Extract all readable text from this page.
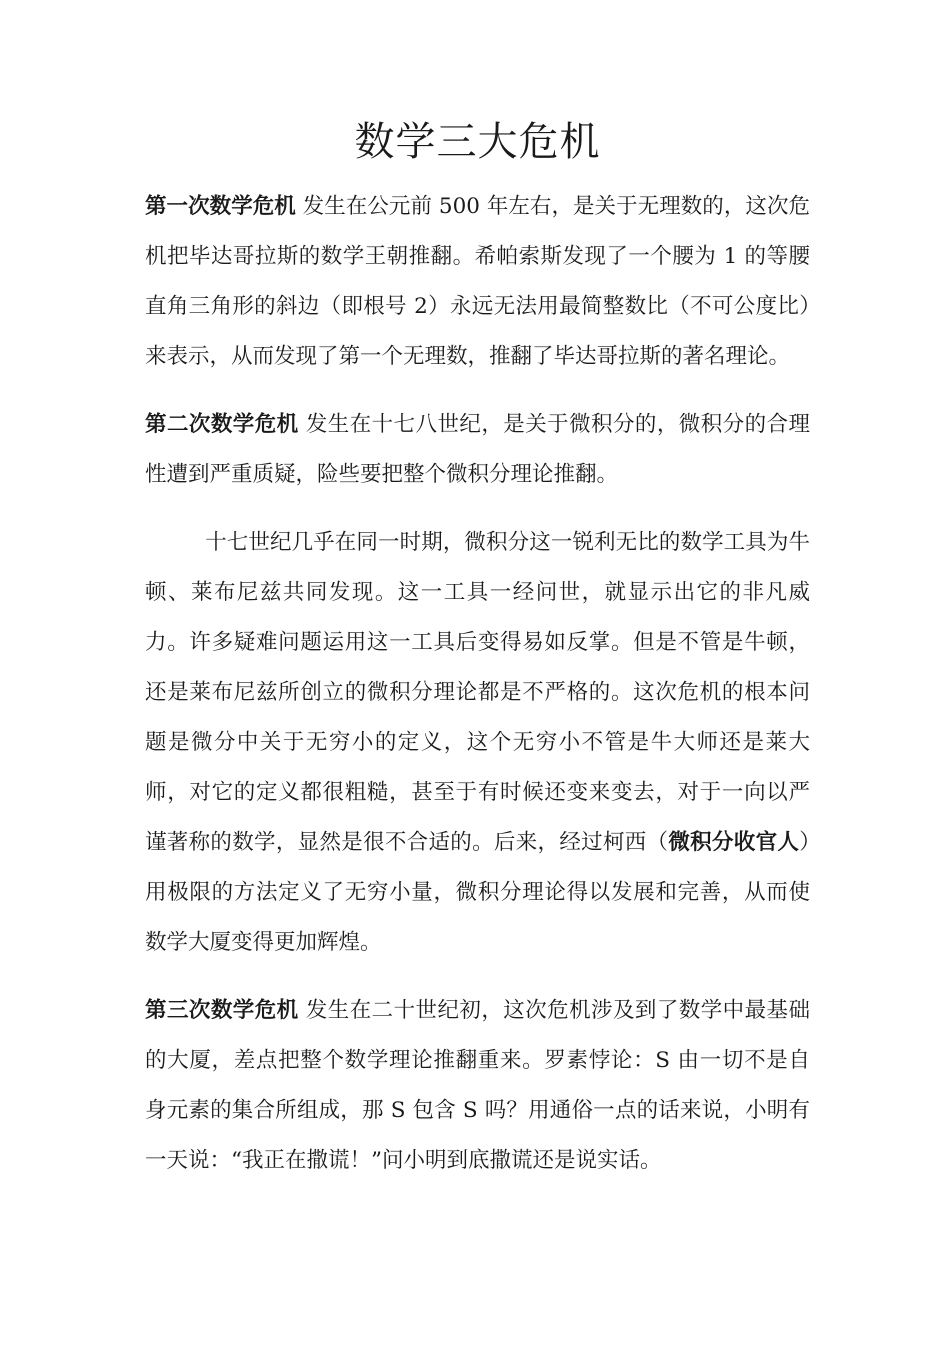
数学三大危机

第一次数学危机 发生在公元前 500 年左右，是关于无理数的，这次危机把毕达哥拉斯的数学王朝推翻。希帕索斯发现了一个腰为 1 的等腰直角三角形的斜边（即根号 2）永远无法用最简整数比（不可公度比）来表示，从而发现了第一个无理数，推翻了毕达哥拉斯的著名理论。

第二次数学危机 发生在十七八世纪，是关于微积分的，微积分的合理性遭到严重质疑，险些要把整个微积分理论推翻。

十七世纪几乎在同一时期，微积分这一锐利无比的数学工具为牛顿、莱布尼兹共同发现。这一工具一经问世，就显示出它的非凡威力。许多疑难问题运用这一工具后变得易如反掌。但是不管是牛顿，还是莱布尼兹所创立的微积分理论都是不严格的。这次危机的根本问题是微分中关于无穷小的定义，这个无穷小不管是牛大师还是莱大师，对它的定义都很粗糙，甚至于有时候还变来变去，对于一向以严谨著称的数学，显然是很不合适的。后来，经过柯西（微积分收官人）用极限的方法定义了无穷小量，微积分理论得以发展和完善，从而使数学大厦变得更加辉煌。

第三次数学危机 发生在二十世纪初，这次危机涉及到了数学中最基础的大厦，差点把整个数学理论推翻重来。罗素悖论：S 由一切不是自身元素的集合所组成，那 S 包含 S 吗？用通俗一点的话来说，小明有一天说：“我正在撒谎！”问小明到底撒谎还是说实话。
